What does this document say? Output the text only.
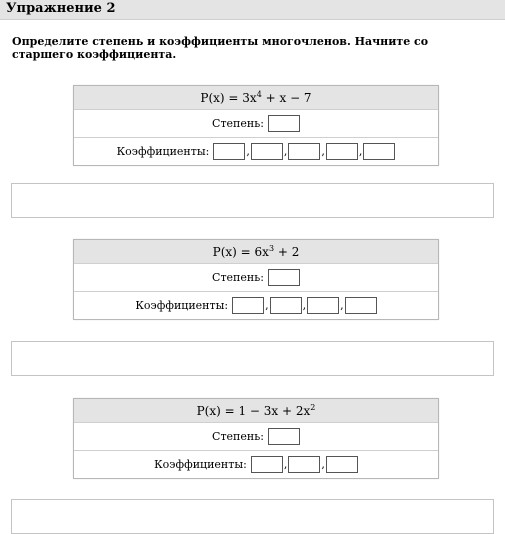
Упражнение 2
Определите степень и коэффициенты многочленов. Начните со старшего коэффициента.
$P(x) = 3x^4 + x - 7$
Степень:
Коэффициенты:	,	,	,	,
$P(x) = 6x^3 + 2$
Степень:
Коэффициенты:	,	,	,
$P(x) = 1 - 3x + 2x^2$
Степень:
Коэффициенты:	,	,
